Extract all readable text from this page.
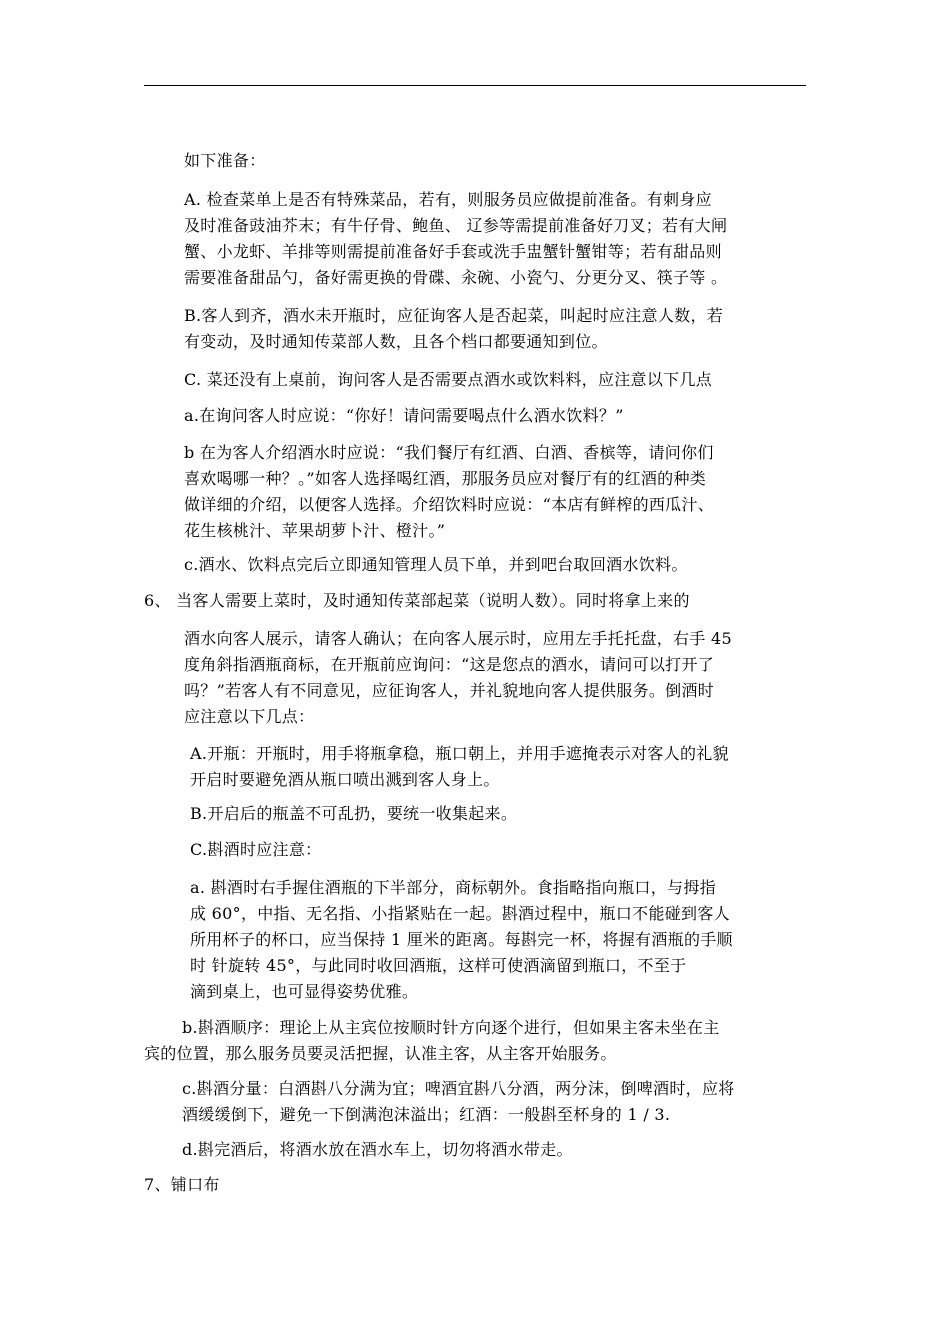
如下准备：
A. 检查菜单上是否有特殊菜品，若有，则服务员应做提前准备。有刺身应
及时准备豉油芥末；有牛仔骨、鲍鱼、 辽参等需提前准备好刀叉；若有大闸
蟹、小龙虾、羊排等则需提前准备好手套或洗手盅蟹针蟹钳等；若有甜品则
需要准备甜品勺，备好需更换的骨碟、汆碗、小瓷勺、分更分叉、筷子等 。
B.客人到齐，酒水未开瓶时，应征询客人是否起菜，叫起时应注意人数，若
有变动，及时通知传菜部人数，且各个档口都要通知到位。
C. 菜还没有上桌前，询问客人是否需要点酒水或饮料料，应注意以下几点
a.在询问客人时应说：“你好！请问需要喝点什么酒水饮料？”
b 在为客人介绍酒水时应说：“我们餐厅有红酒、白酒、香槟等，请问你们
喜欢喝哪一种？。”如客人选择喝红酒，那服务员应对餐厅有的红酒的种类
做详细的介绍，以便客人选择。介绍饮料时应说：“本店有鲜榨的西瓜汁、
花生核桃汁、苹果胡萝卜汁、橙汁。”
c.酒水、饮料点完后立即通知管理人员下单，并到吧台取回酒水饮料。
6、 当客人需要上菜时，及时通知传菜部起菜（说明人数）。同时将拿上来的
酒水向客人展示，请客人确认；在向客人展示时，应用左手托托盘，右手 45
度角斜指酒瓶商标，在开瓶前应询问：“这是您点的酒水，请问可以打开了
吗？”若客人有不同意见，应征询客人，并礼貌地向客人提供服务。倒酒时
应注意以下几点：
A.开瓶：开瓶时，用手将瓶拿稳，瓶口朝上，并用手遮掩表示对客人的礼貌
开启时要避免酒从瓶口喷出溅到客人身上。
B.开启后的瓶盖不可乱扔，要统一收集起来。
C.斟酒时应注意：
a. 斟酒时右手握住酒瓶的下半部分，商标朝外。食指略指向瓶口，与拇指
成 60°，中指、无名指、小指紧贴在一起。斟酒过程中，瓶口不能碰到客人
所用杯子的杯口，应当保持 1 厘米的距离。每斟完一杯，将握有酒瓶的手顺
时 针旋转 45°，与此同时收回酒瓶，这样可使酒滴留到瓶口，不至于
滴到桌上，也可显得姿势优雅。
b.斟酒顺序：理论上从主宾位按顺时针方向逐个进行，但如果主客未坐在主
宾的位置，那么服务员要灵活把握，认准主客，从主客开始服务。
c.斟酒分量：白酒斟八分满为宜；啤酒宜斟八分酒，两分沫，倒啤酒时，应将
酒缓缓倒下，避免一下倒满泡沫溢出；红酒：一般斟至杯身的 1 / 3.
d.斟完酒后，将酒水放在酒水车上，切勿将酒水带走。
7、铺口布
